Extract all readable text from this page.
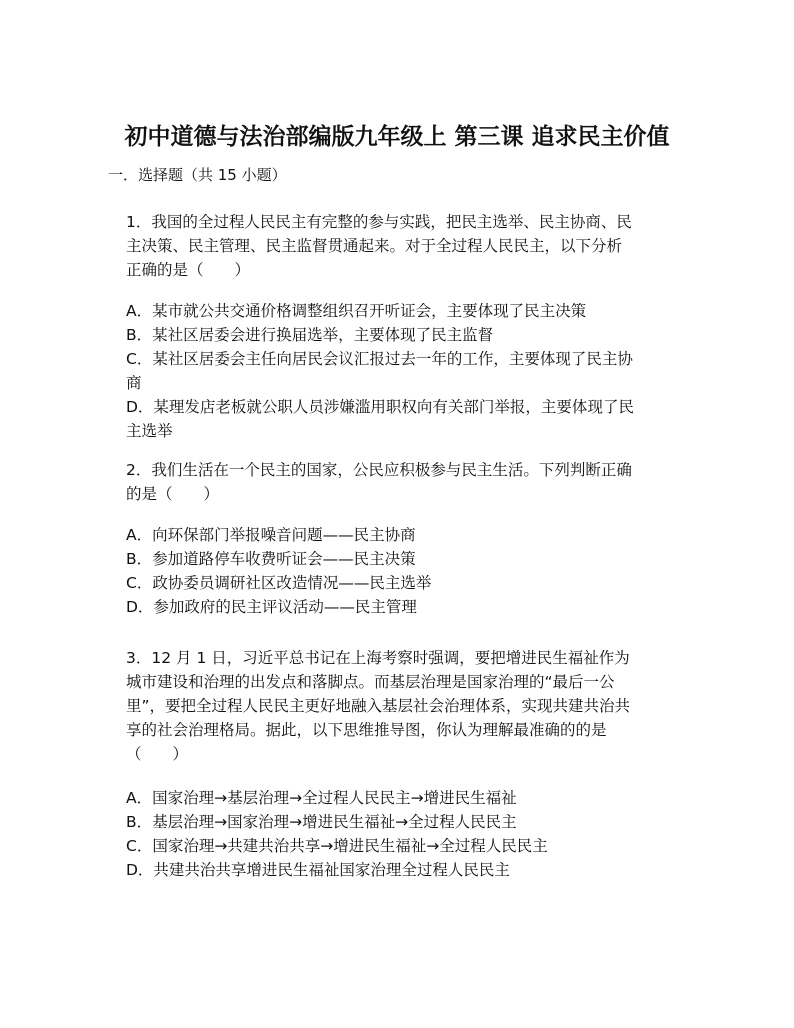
初中道德与法治部编版九年级上 第三课 追求民主价值
一．选择题（共 15 小题）
1．我国的全过程人民民主有完整的参与实践，把民主选举、民主协商、民
主决策、民主管理、民主监督贯通起来。对于全过程人民民主，以下分析
正确的是（　　）
A．某市就公共交通价格调整组织召开听证会，主要体现了民主决策
B．某社区居委会进行换届选举，主要体现了民主监督
C．某社区居委会主任向居民会议汇报过去一年的工作，主要体现了民主协
商
D．某理发店老板就公职人员涉嫌滥用职权向有关部门举报，主要体现了民
主选举
2．我们生活在一个民主的国家，公民应积极参与民主生活。下列判断正确
的是（　　）
A．向环保部门举报噪音问题——民主协商
B．参加道路停车收费听证会——民主决策
C．政协委员调研社区改造情况——民主选举
D．参加政府的民主评议活动——民主管理
3．12 月 1 日，习近平总书记在上海考察时强调，要把增进民生福祉作为
城市建设和治理的出发点和落脚点。而基层治理是国家治理的“最后一公
里”，要把全过程人民民主更好地融入基层社会治理体系，实现共建共治共
享的社会治理格局。据此，以下思维推导图，你认为理解最准确的的是
（　　）
A．国家治理→基层治理→全过程人民民主→增进民生福祉
B．基层治理→国家治理→增进民生福祉→全过程人民民主
C．国家治理→共建共治共享→增进民生福祉→全过程人民民主
D．共建共治共享增进民生福祉国家治理全过程人民民主
